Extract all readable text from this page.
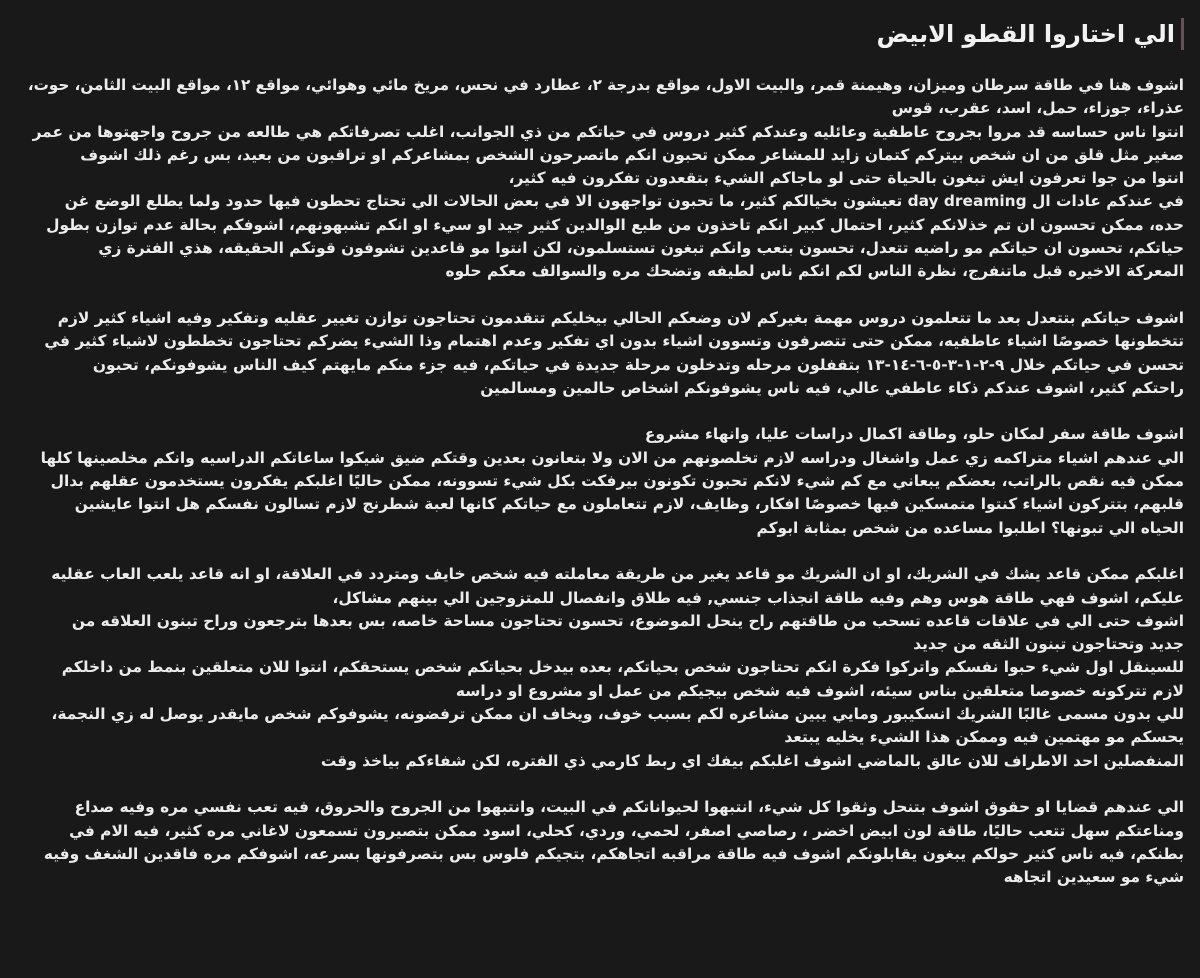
الي اختاروا القطو الابيض
اشوف هنا في طاقة سرطان وميزان، وهيمنة قمر، والبيت الاول، مواقع بدرجة ٢، عطارد في نحس، مريخ مائي وهوائي، مواقع ١٢، مواقع البيت الثامن، حوت،
عذراء، جوزاء، حمل، اسد، عقرب، قوس
انتوا ناس حساسه قد مروا بجروح عاطفية وعائليه وعندكم كثير دروس في حياتكم من ذي الجوانب، اغلب تصرفاتكم هي طالعه من جروح واجهتوها من عمر
صغير مثل قلق من ان شخص بيتركم كتمان زايد للمشاعر ممكن تحبون انكم ماتصرحون الشخص بمشاعركم او تراقبون من بعيد، بس رغم ذلك اشوف
انتوا من جوا تعرفون ايش تبغون بالحياة حتى لو ماجاكم الشيء بتقعدون تفكرون فيه كثير،
في عندكم عادات ال day dreaming تعيشون بخيالكم كثير، ما تحبون تواجهون الا في بعض الحالات الي تحتاج تحطون فيها حدود ولما يطلع الوضع غن
حده، ممكن تحسون ان تم خذلانكم كثير، احتمال كبير انكم تاخذون من طبع الوالدين كثير جيد او سيء او انكم تشبهونهم، اشوفكم بحالة عدم توازن بطول
حياتكم، تحسون ان حياتكم مو راضيه تتعدل، تحسون بتعب وانكم تبغون تستسلمون، لكن انتوا مو قاعدين تشوفون قوتكم الحقيقه، هذي الفترة زي
المعركة الاخيره قبل ماتنفرج، نظرة الناس لكم انكم ناس لطيفه وتضحك مره والسوالف معكم حلوه
اشوف حياتكم بتتعدل بعد ما تتعلمون دروس مهمة بغيركم لان وضعكم الحالي بيخليكم تتقدمون تحتاجون توازن تغيير عقليه وتفكير وفيه اشياء كثير لازم
تتخطونها خصوصًا اشياء عاطفيه، ممكن حتى تتصرفون وتسوون اشياء بدون اي تفكير وعدم اهتمام وذا الشيء يضركم تحتاجون تخططون لاشياء كثير في
تحسن في حياتكم خلال ٩-٢-١-٣-٥-٦-١٤-١٣ بتقفلون مرحله وتدخلون مرحلة جديدة في حياتكم، فيه جزء منكم مايهتم كيف الناس يشوفونكم، تحبون
راحتكم كثير، اشوف عندكم ذكاء عاطفي عالي، فيه ناس يشوفونكم اشخاص حالمين ومسالمين
اشوف طاقة سفر لمكان حلو، وطاقة اكمال دراسات عليا، وانهاء مشروع
الي عندهم اشياء متراكمه زي عمل واشغال ودراسه لازم تخلصونهم من الان ولا بتعانون بعدين وقتكم ضيق شيكوا ساعاتكم الدراسيه وانكم مخلصينها كلها
ممكن فيه نقص بالراتب، بعضكم يبعاني مع كم شيء لانكم تحبون تكونون بيرفكت بكل شيء تسوونه، ممكن حاليًا اغلبكم يفكرون يستخدمون عقلهم بدال
قلبهم، بتتركون اشياء كنتوا متمسكين فيها خصوصًا افكار، وظايف، لازم تتعاملون مع حياتكم كانها لعبة شطرنج لازم تسالون نفسكم هل انتوا عايشين
الحياه الي تبونها؟ اطلبوا مساعده من شخص بمثابة ابوكم
اغلبكم ممكن قاعد يشك في الشريك، او ان الشريك مو قاعد يغير من طريقة معاملته فيه شخص خايف ومتردد في العلاقة، او انه قاعد يلعب العاب عقليه
عليكم، اشوف فهي طاقة هوس وهم وفيه طاقة انجذاب جنسي, فيه طلاق وانفصال للمتزوجين الي بينهم مشاكل،
اشوف حتى الي في علاقات قاعده تسحب من طاقتهم راح ينحل الموضوع، تحسون تحتاجون مساحة خاصه، بس بعدها بترجعون وراح تبنون العلاقه من
جديد وتحتاجون تبنون الثقه من جديد
للسينقل اول شيء حبوا نفسكم واتركوا فكرة انكم تحتاجون شخص بحياتكم، بعده بيدخل بحياتكم شخص يستحقكم، انتوا للان متعلقين بنمط من داخلكم
لازم تتركونه خصوصا متعلقين بناس سيئه، اشوف فيه شخص بيجيكم من عمل او مشروع او دراسه
للي بدون مسمى غالبًا الشريك انسكيبور ومايي يبين مشاعره لكم بسبب خوف، ويخاف ان ممكن ترفضونه، يشوفوكم شخص مايقدر يوصل له زي النجمة،
يحسكم مو مهتمين فيه وممكن هذا الشيء يخليه يبتعد
المنفصلين احد الاطراف للان عالق بالماضي اشوف اغلبكم بيفك اي ربط كارمي ذي الفتره، لكن شفاءكم بياخذ وقت
الي عندهم قضايا او حقوق اشوف بتنحل وثقوا كل شيء، انتبهوا لحيواناتكم في البيت، وانتبهوا من الجروح والحروق، فيه تعب نفسي مره وفيه صداع
ومناعتكم سهل تتعب حاليًا، طاقة لون ابيض اخضر ، رصاصي اصفر، لحمي، وردي، كحلي، اسود ممكن بتصيرون تسمعون لاغاني مره كثير، فيه الام في
بطنكم، فيه ناس كثير حولكم يبغون يقابلونكم اشوف فيه طاقة مراقبه اتجاهكم، بتجيكم فلوس بس بتصرفونها بسرعه، اشوفكم مره فاقدين الشغف وفيه
شيء مو سعيدين اتجاهه
